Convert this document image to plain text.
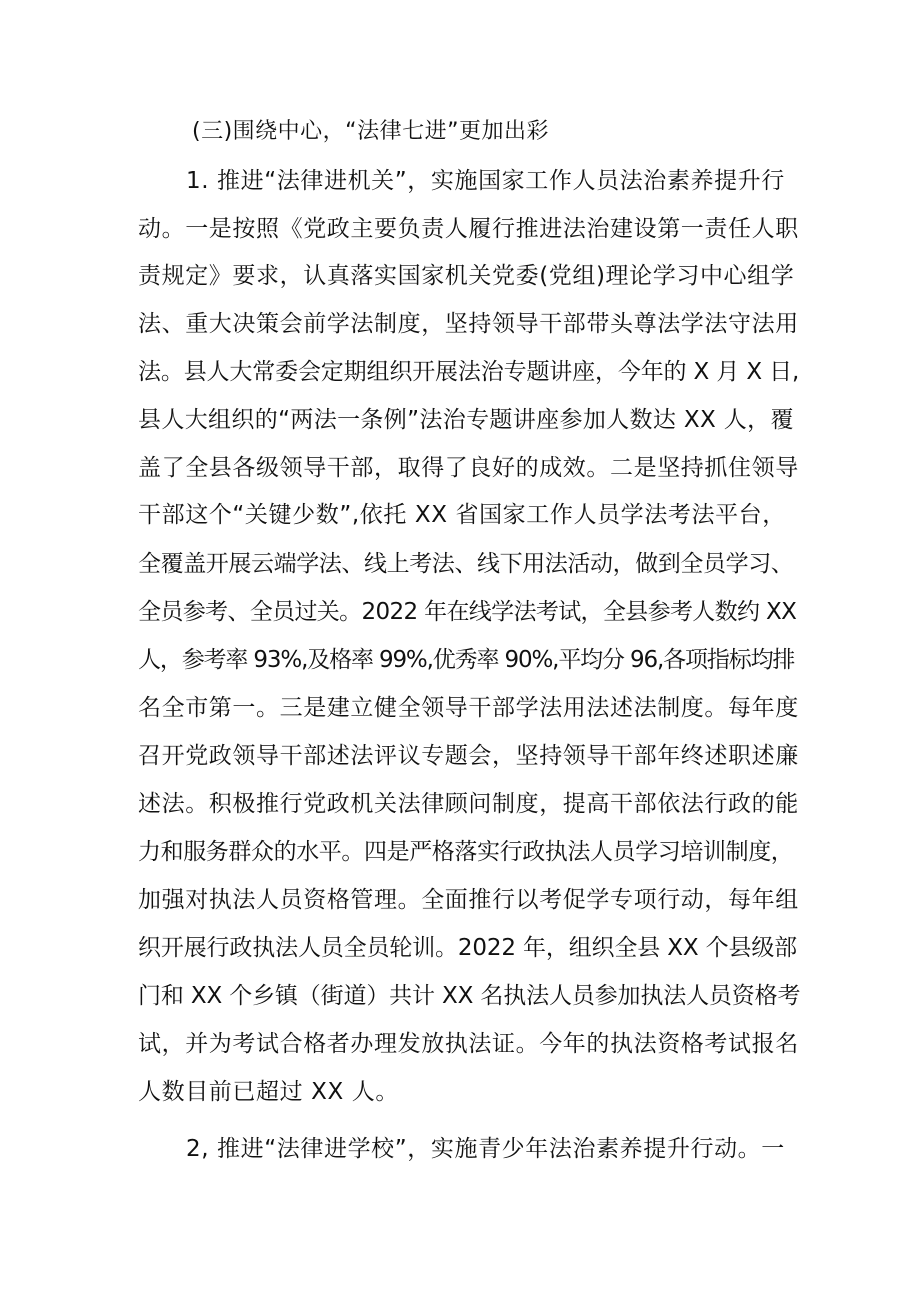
(三)围绕中心，“法律七进”更加出彩
1. 推进“法律进机关”，实施国家工作人员法治素养提升行
动。一是按照《党政主要负责人履行推进法治建设第一责任人职
责规定》要求，认真落实国家机关党委(党组)理论学习中心组学
法、重大决策会前学法制度，坚持领导干部带头尊法学法守法用
法。县人大常委会定期组织开展法治专题讲座，今年的 X 月 X 日,
县人大组织的“两法一条例”法治专题讲座参加人数达 XX 人，覆
盖了全县各级领导干部，取得了良好的成效。二是坚持抓住领导
干部这个“关键少数”,依托 XX 省国家工作人员学法考法平台，
全覆盖开展云端学法、线上考法、线下用法活动，做到全员学习、
全员参考、全员过关。2022 年在线学法考试，全县参考人数约 XX
人，参考率 93%,及格率 99%,优秀率 90%,平均分 96,各项指标均排
名全市第一。三是建立健全领导干部学法用法述法制度。每年度
召开党政领导干部述法评议专题会，坚持领导干部年终述职述廉
述法。积极推行党政机关法律顾问制度，提高干部依法行政的能
力和服务群众的水平。四是严格落实行政执法人员学习培训制度，
加强对执法人员资格管理。全面推行以考促学专项行动，每年组
织开展行政执法人员全员轮训。2022 年，组织全县 XX 个县级部
门和 XX 个乡镇（街道）共计 XX 名执法人员参加执法人员资格考
试，并为考试合格者办理发放执法证。今年的执法资格考试报名
人数目前已超过 XX 人。
2, 推进“法律进学校”，实施青少年法治素养提升行动。一
